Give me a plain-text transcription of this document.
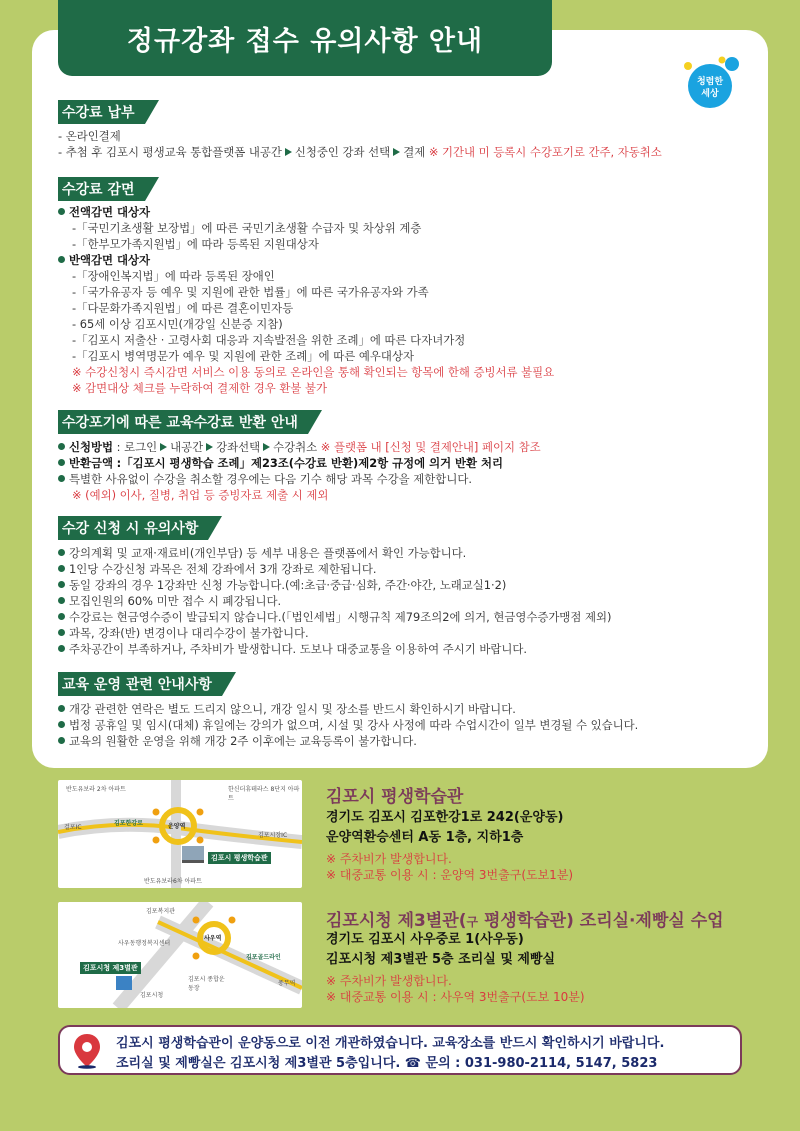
정규강좌 접수 유의사항 안내
청렴한
세상
수강료 납부
- 온라인결제
- 추첨 후 김포시 평생교육 통합플랫폼 내공간 신청중인 강좌 선택 결제 ※ 기간내 미 등록시 수강포기로 간주, 자동취소
수강료 감면
전액감면 대상자
-「국민기초생활 보장법」에 따른 국민기초생활 수급자 및 차상위 계층
-「한부모가족지원법」에 따라 등록된 지원대상자
반액감면 대상자
-「장애인복지법」에 따라 등록된 장애인
-「국가유공자 등 예우 및 지원에 관한 법률」에 따른 국가유공자와 가족
-「다문화가족지원법」에 따른 결혼이민자등
- 65세 이상 김포시민(개강일 신분증 지참)
-「김포시 저출산 · 고령사회 대응과 지속발전을 위한 조례」에 따른 다자녀가정
-「김포시 병역명문가 예우 및 지원에 관한 조례」에 따른 예우대상자
※ 수강신청시 즉시감면 서비스 이용 동의로 온라인을 통해 확인되는 항목에 한해 증빙서류 불필요
※ 감면대상 체크를 누락하여 결제한 경우 환불 불가
수강포기에 따른 교육수강료 반환 안내
신청방법 : 로그인 내공간 강좌선택 수강취소 ※ 플랫폼 내 [신청 및 결제안내] 페이지 참조
반환금액 :「김포시 평생학습 조례」제23조(수강료 반환)제2항 규정에 의거 반환 처리
특별한 사유없이 수강을 취소할 경우에는 다음 기수 해당 과목 수강을 제한합니다.
※ (예외) 이사, 질병, 취업 등 증빙자료 제출 시 제외
수강 신청 시 유의사항
강의계획 및 교재·재료비(개인부담) 등 세부 내용은 플랫폼에서 확인 가능합니다.
1인당 수강신청 과목은 전체 강좌에서 3개 강좌로 제한됩니다.
동일 강좌의 경우 1강좌만 신청 가능합니다.(예:초급·중급·심화, 주간·야간, 노래교실1·2)
모집인원의 60% 미만 접수 시 폐강됩니다.
수강료는 현금영수증이 발급되지 않습니다.(「법인세법」시행규칙 제79조의2에 의거, 현금영수증가맹점 제외)
과목, 강좌(반) 변경이나 대리수강이 불가합니다.
주차공간이 부족하거나, 주차비가 발생합니다. 도보나 대중교통을 이용하여 주시기 바랍니다.
교육 운영 관련 안내사항
개강 관련한 연락은 별도 드리지 않으니, 개강 일시 및 장소를 반드시 확인하시기 바랍니다.
법정 공휴일 및 임시(대체) 휴일에는 강의가 없으며, 시설 및 강사 사정에 따라 수업시간이 일부 변경될 수 있습니다.
교육의 원활한 운영을 위해 개강 2주 이후에는 교육등록이 불가합니다.
반도유보라 2차 아파트	한신더휴테라스 8단지 아파트
반도유보라6차 아파트
김포한강로
걸포IC
김포시장IC
운양역
김포시 평생학습관
김포시 평생학습관
경기도 김포시 김포한강1로 242(운양동)
운양역환승센터 A동 1층, 지하1층
※ 주차비가 발생합니다.
※ 대중교통 이용 시 : 운양역 3번출구(도보1분)
김포복지관
사우동행정복지센터
사우역
김포골드라인
풍무역
김포시청 제3별관
김포시 종합운동장
김포시청
김포시청 제3별관(구 평생학습관) 조리실·제빵실 수업
경기도 김포시 사우중로 1(사우동)
김포시청 제3별관 5층 조리실 및 제빵실
※ 주차비가 발생합니다.
※ 대중교통 이용 시 : 사우역 3번출구(도보 10분)
김포시 평생학습관이 운양동으로 이전 개관하였습니다. 교육장소를 반드시 확인하시기 바랍니다.
조리실 및 제빵실은 김포시청 제3별관 5층입니다. ☎ 문의 : 031-980-2114, 5147, 5823
